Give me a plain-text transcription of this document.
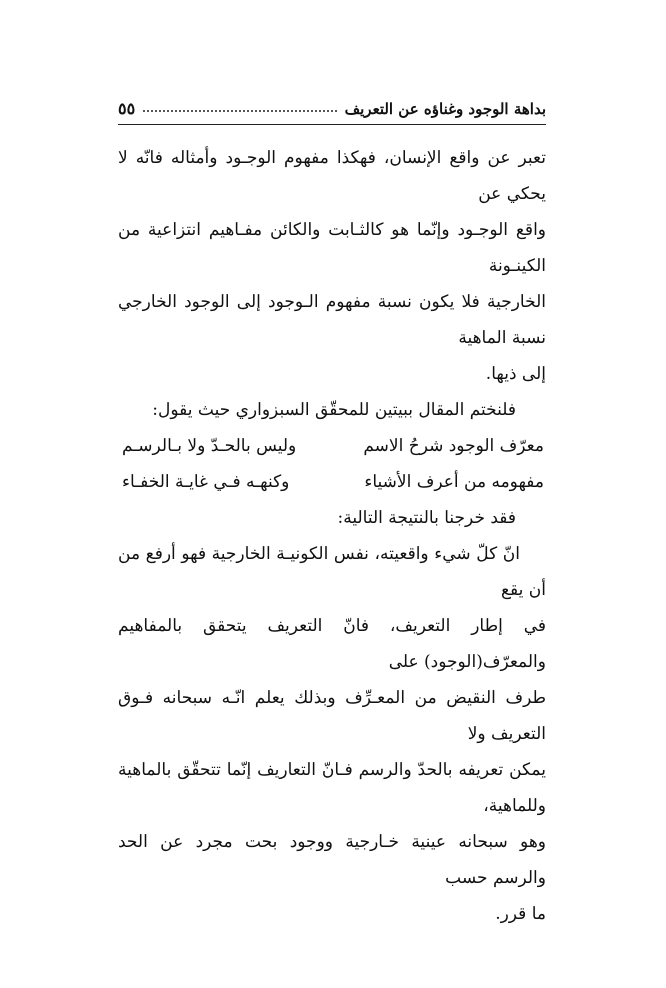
بداهة الوجود وغناؤه عن التعريف
٥٥

تعبر عن واقع الإنسان، فهكذا مفهوم الوجـود وأمثاله فانّه لا يحكي عن

واقع الوجـود وإنّما هو كالثـابت والكائن مفـاهيم انتزاعية من الكينـونة

الخارجية فلا يكون نسبة مفهوم الـوجود إلى الوجود الخارجي نسبة الماهية

إلى ذيها.

فلنختم المقال ببيتين للمحقّق السبزواري حيث يقول:

معرّف الوجود شرحُ الاسم
وليس بالحـدّ ولا بـالرسـم
مفهومه من أعرف الأشياء
وكنهـه فـي غايـة الخفـاء

فقد خرجنا بالنتيجة التالية:

انّ كلّ شيء واقعيته، نفس الكونيـة الخارجية فهو أرفع من أن يقع

في إطار التعريف، فانّ التعريف يتحقق بالمفاهيم والمعرّف(الوجود) على

طرف النقيض من المعـرِّف وبذلك يعلم انّـه سبحانه فـوق التعريف ولا

يمكن تعريفه بالحدّ والرسم فـانّ التعاريف إنّما تتحقّق بالماهية وللماهية،

وهو سبحانه عينية خـارجية ووجود بحت مجرد عن الحد والرسم حسب

ما قرر.
